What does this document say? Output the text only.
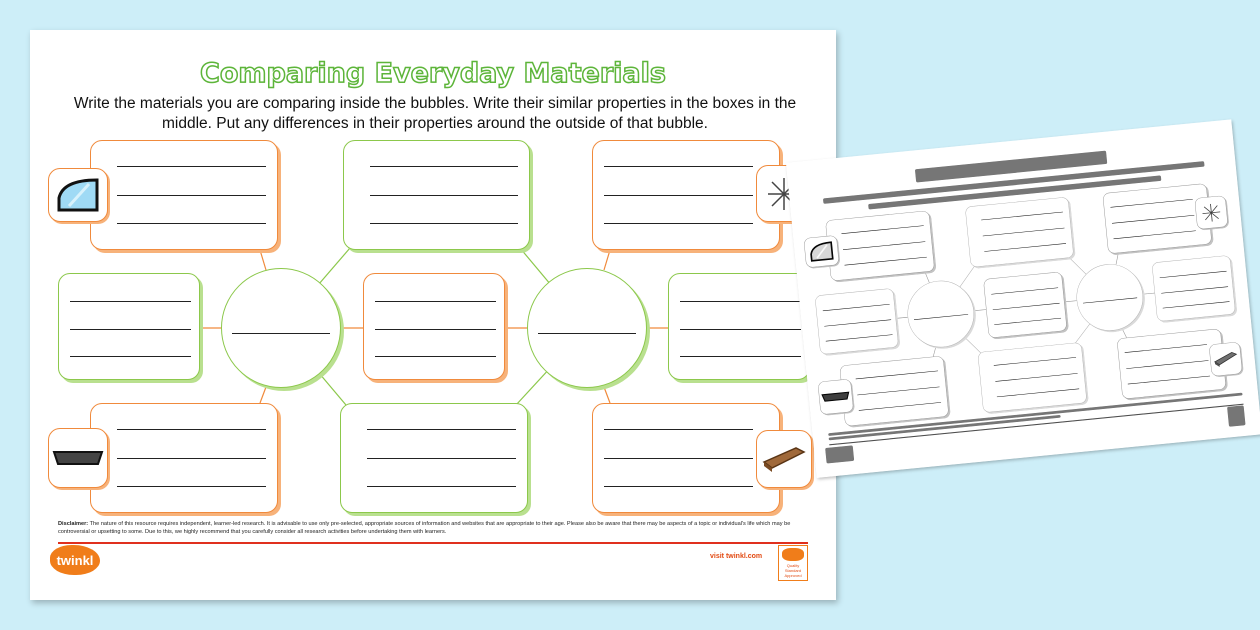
Comparing Everyday Materials
Write the materials you are comparing inside the bubbles. Write their similar properties in the boxes in the middle. Put any differences in their properties around the outside of that bubble.
Disclaimer: The nature of this resource requires independent, learner-led research. It is advisable to use only pre-selected, appropriate sources of information and websites that are appropriate to their age. Please also be aware that there may be aspects of a topic or individual's life which may be controversial or upsetting to some. Due to this, we highly recommend that you carefully consider all research activities before undertaking them with learners.
twinkl	visit twinkl.com
Quality Standard Approved
